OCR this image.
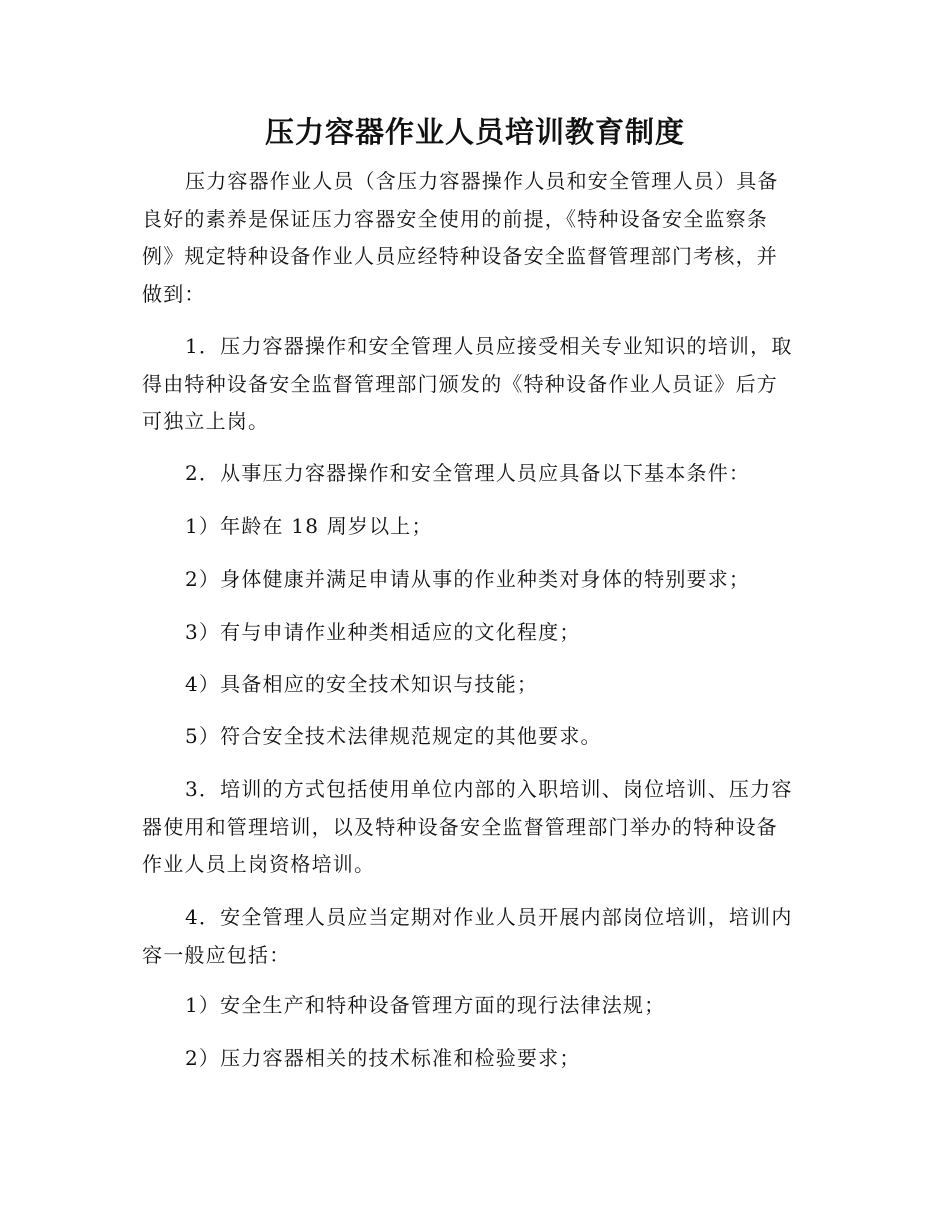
压力容器作业人员培训教育制度
压力容器作业人员（含压力容器操作人员和安全管理人员）具备
良好的素养是保证压力容器安全使用的前提，《特种设备安全监察条
例》规定特种设备作业人员应经特种设备安全监督管理部门考核，并
做到：
1．压力容器操作和安全管理人员应接受相关专业知识的培训，取
得由特种设备安全监督管理部门颁发的《特种设备作业人员证》后方
可独立上岗。
2．从事压力容器操作和安全管理人员应具备以下基本条件：
1）年龄在 18 周岁以上；
2）身体健康并满足申请从事的作业种类对身体的特别要求；
3）有与申请作业种类相适应的文化程度；
4）具备相应的安全技术知识与技能；
5）符合安全技术法律规范规定的其他要求。
3．培训的方式包括使用单位内部的入职培训、岗位培训、压力容
器使用和管理培训，以及特种设备安全监督管理部门举办的特种设备
作业人员上岗资格培训。
4．安全管理人员应当定期对作业人员开展内部岗位培训，培训内
容一般应包括：
1）安全生产和特种设备管理方面的现行法律法规；
2）压力容器相关的技术标准和检验要求；
